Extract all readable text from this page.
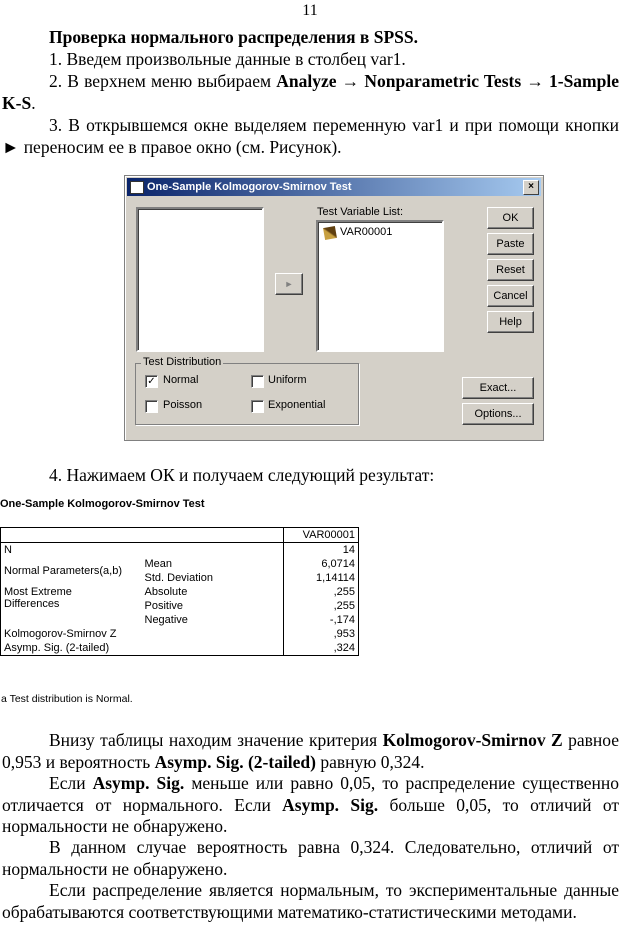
11
Проверка нормального распределения в SPSS.
1. Введем произвольные данные в столбец var1.
2. В верхнем меню выбираем Analyze → Nonparametric Tests → 1-Sample K-S.
3. В открывшемся окне выделяем переменную var1 и при помощи кнопки ► переносим ее в правое окно (см. Рисунок).
One-Sample Kolmogorov-Smirnov Test	×
►
Test Variable List:
VAR00001
OK
Paste
Reset
Cancel
Help
Test Distribution
✓ Normal	Uniform
Poisson	Exponential
Exact...
Options...
4. Нажимаем ОК и получаем следующий результат:
One-Sample Kolmogorov-Smirnov Test
		VAR00001
N		14
Normal Parameters(a,b)	Mean	6,0714
	Std. Deviation	1,14114

Most Extreme
Differences	Absolute	,255
	Positive	,255
	Negative	-,174
Kolmogorov-Smirnov Z		,953
Asymp. Sig. (2-tailed)		,324
a Test distribution is Normal.
Внизу таблицы находим значение критерия Kolmogorov-Smirnov Z равное 0,953 и вероятность Asymp. Sig. (2-tailed) равную 0,324.
Если Asymp. Sig. меньше или равно 0,05, то распределение существенно отличается от нормального. Если Asymp. Sig. больше 0,05, то отличий от нормальности не обнаружено.
В данном случае вероятность равна 0,324. Следовательно, отличий от нормальности не обнаружено.
Если распределение является нормальным, то экспериментальные данные обрабатываются соответствующими математико-статистическими методами.
